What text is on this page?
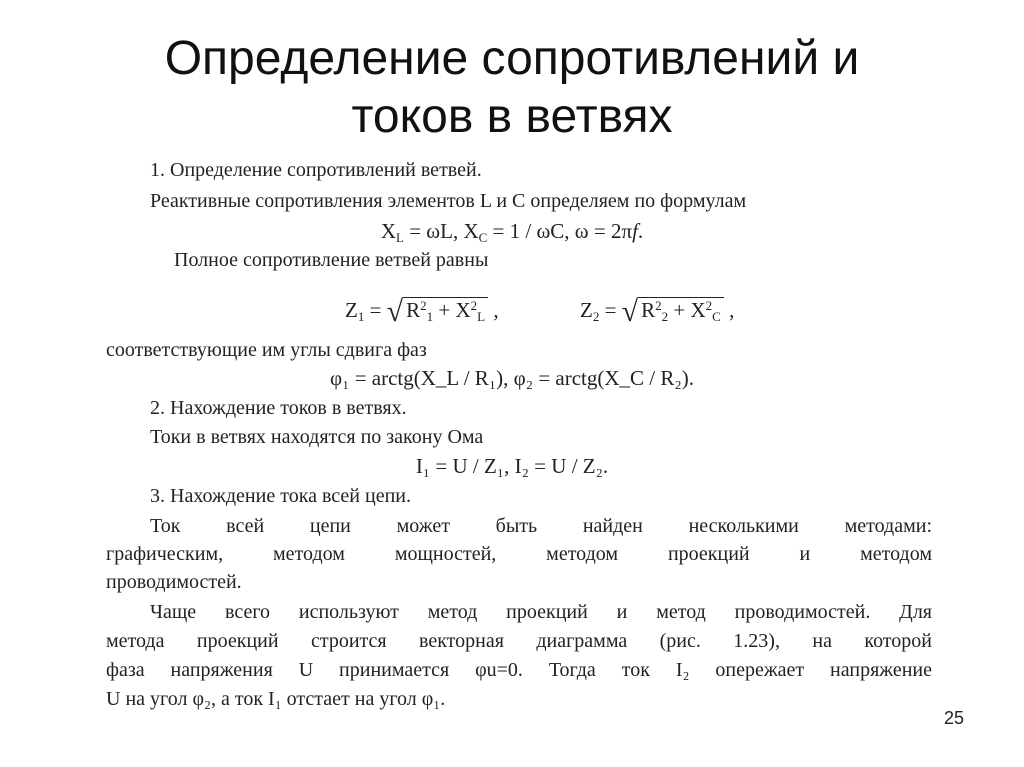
Определение сопротивлений и
токов в ветвях
1. Определение сопротивлений ветвей.
Реактивные сопротивления элементов L и C определяем по формулам
$X_L = \omega L$, $X_C = 1 / \omega C$, ω = 2πf.
Полное сопротивление ветвей равны
$Z_1$ = √ $R^2_1 + X^2_L$ ,	$Z_2$ = √ $R^2_2 + X^2_C$ ,
соответствующие им углы сдвига фаз
φ₁ = arctg(X_L / R₁), φ₂ = arctg(X_C / R₂).
2. Нахождение токов в ветвях.
Токи в ветвях находятся по закону Ома
I₁ = U / Z₁, I₂ = U / Z₂.
3. Нахождение тока всей цепи.
Ток всей цепи может быть найден несколькими методами:
графическим, методом мощностей, методом проекций и методом
проводимостей.
Чаще всего используют метод проекций и метод проводимостей. Для
метода проекций строится векторная диаграмма (рис. 1.23), на которой
фаза напряжения U принимается φu=0. Тогда ток I₂ опережает напряжение
U на угол φ₂, а ток I₁ отстает на угол φ₁.
25
